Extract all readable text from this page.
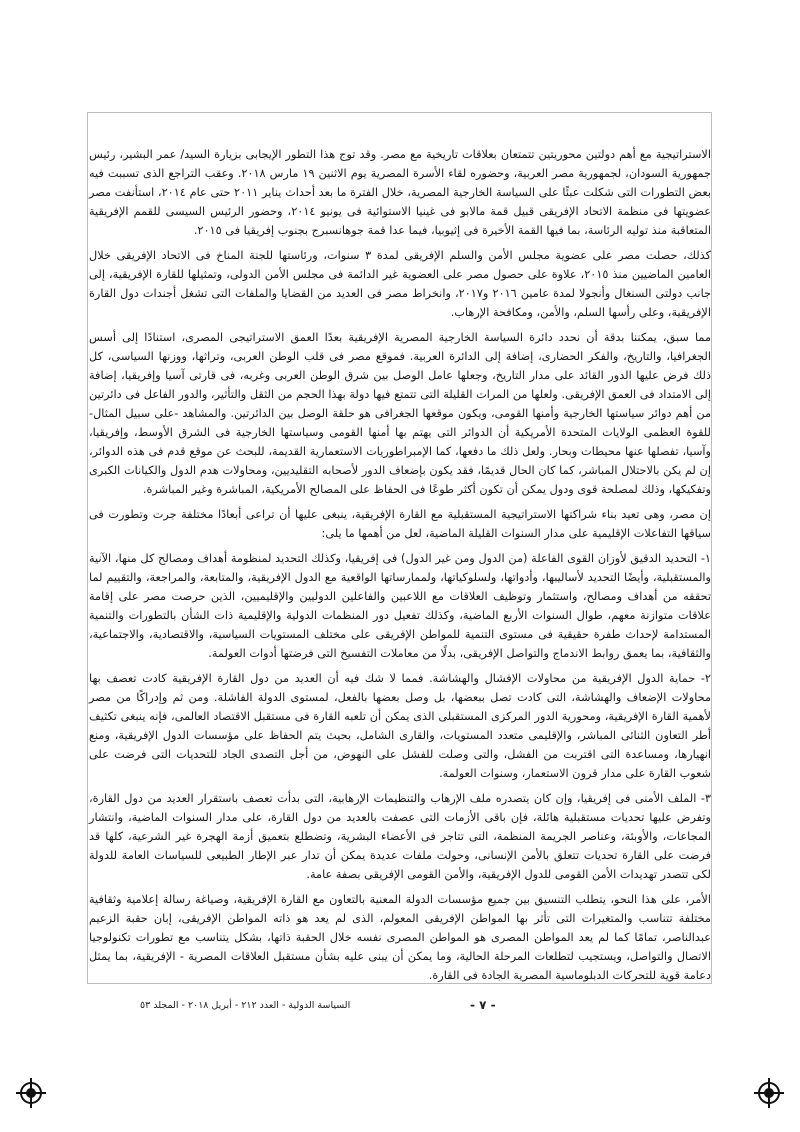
الاستراتيجية مع أهم دولتين محوريتين تتمتعان بعلاقات تاريخية مع مصر. وقد توج هذا التطور الإيجابى بزيارة السيد/ عمر البشير، رئيس جمهورية السودان، لجمهورية مصر العربية، وحضوره لقاء الأسرة المصرية يوم الاثنين ١٩ مارس ٢٠١٨. وعقب التراجع الذى تسببت فيه بعض التطورات التى شكلت عبئًا على السياسة الخارجية المصرية، خلال الفترة ما بعد أحداث يناير ٢٠١١ حتى عام ٢٠١٤، استأنفت مصر عضويتها فى منظمة الاتحاد الإفريقى قبيل قمة مالابو فى غينيا الاستوائية فى يونيو ٢٠١٤، وحضور الرئيس السيسى للقمم الإفريقية المتعاقبة منذ توليه الرئاسة، بما فيها القمة الأخيرة فى إثيوبيا، فيما عدا قمة جوهانسبرج بجنوب إفريقيا فى ٢٠١٥.

كذلك، حصلت مصر على عضوية مجلس الأمن والسلم الإفريقى لمدة ٣ سنوات، ورئاستها للجنة المناخ فى الاتحاد الإفريقى خلال العامين الماضيين منذ ٢٠١٥، علاوة على حصول مصر على العضوية غير الدائمة فى مجلس الأمن الدولى، وتمثيلها للقارة الإفريقية، إلى جانب دولتى السنغال وأنجولا لمدة عامين ٢٠١٦ و٢٠١٧، وانخراط مصر فى العديد من القضايا والملفات التى تشغل أجندات دول القارة الإفريقية، وعلى رأسها السلم، والأمن، ومكافحة الإرهاب.

مما سبق، يمكننا بدقة أن نحدد دائرة السياسة الخارجية المصرية الإفريقية بعدًا العمق الاستراتيجى المصرى، استنادًا إلى أسس الجغرافيا، والتاريخ، والفكر الحضارى، إضافة إلى الدائرة العربية. فموقع مصر فى قلب الوطن العربى، وتراثها، ووزنها السياسى، كل ذلك فرض عليها الدور القائد على مدار التاريخ، وجعلها عامل الوصل بين شرق الوطن العربى وغربه، فى قارتى آسيا وإفريقيا، إضافة إلى الامتداد فى العمق الإفريقى. ولعلها من المرات القليلة التى تتمتع فيها دولة بهذا الحجم من الثقل والتأثير، والدور الفاعل فى دائرتين من أهم دوائر سياستها الخارجية وأمنها القومى، ويكون موقعها الجغرافى هو حلقة الوصل بين الدائرتين. والمشاهد -على سبيل المثال- للقوة العظمى الولايات المتحدة الأمريكية أن الدوائر التى يهتم بها أمنها القومى وسياستها الخارجية فى الشرق الأوسط، وإفريقيا، وآسيا، تفصلها عنها محيطات وبحار. ولعل ذلك ما دفعها، كما الإمبراطوريات الاستعمارية القديمة، للبحث عن موقع قدم فى هذه الدوائر، إن لم يكن بالاحتلال المباشر، كما كان الحال قديمًا، فقد يكون بإضعاف الدور لأصحابه التقليديين، ومحاولات هدم الدول والكيانات الكبرى وتفكيكها، وذلك لمصلحة قوى ودول يمكن أن تكون أكثر طوعًا فى الحفاظ على المصالح الأمريكية، المباشرة وغير المباشرة.

إن مصر، وهى تعيد بناء شراكتها الاستراتيجية المستقبلية مع القارة الإفريقية، ينبغى عليها أن تراعى أبعادًا مختلفة جرت وتطورت فى سياقها التفاعلات الإقليمية على مدار السنوات القليلة الماضية، لعل من أهمها ما يلى:

١- التحديد الدقيق لأوزان القوى الفاعلة (من الدول ومن غير الدول) فى إفريقيا، وكذلك التحديد لمنظومة أهداف ومصالح كل منها، الآنية والمستقبلية، وأيضًا التحديد لأساليبها، وأدواتها، ولسلوكياتها، ولممارساتها الواقعية مع الدول الإفريقية، والمتابعة، والمراجعة، والتقييم لما تحققه من أهداف ومصالح، واستثمار وتوظيف العلاقات مع اللاعبين والفاعلين الدوليين والإقليميين، الذين حرصت مصر على إقامة علاقات متوازنة معهم، طوال السنوات الأربع الماضية، وكذلك تفعيل دور المنظمات الدولية والإقليمية ذات الشأن بالتطورات والتنمية المستدامة لإحداث طفرة حقيقية فى مستوى التنمية للمواطن الإفريقى على مختلف المستويات السياسية، والاقتصادية، والاجتماعية، والثقافية، بما يعمق روابط الاندماج والتواصل الإفريقى، بدلًا من معاملات التفسيخ التى فرضتها أدوات العولمة.

٢- حماية الدول الإفريقية من محاولات الإفشال والهشاشة. فمما لا شك فيه أن العديد من دول القارة الإفريقية كادت تعصف بها محاولات الإضعاف والهشاشة، التى كادت تصل ببعضها، بل وصل بعضها بالفعل، لمستوى الدولة الفاشلة. ومن ثم وإدراكًا من مصر لأهمية القارة الإفريقية، ومحورية الدور المركزى المستقبلى الذى يمكن أن تلعبه القارة فى مستقبل الاقتصاد العالمى، فإنه ينبغى تكثيف أطر التعاون الثنائى المباشر، والإقليمى متعدد المستويات، والقارى الشامل، بحيث يتم الحفاظ على مؤسسات الدول الإفريقية، ومنع انهيارها، ومساعدة التى اقتربت من الفشل، والتى وصلت للفشل على النهوض، من أجل التصدى الجاد للتحديات التى فرضت على شعوب القارة على مدار قرون الاستعمار، وسنوات العولمة.

٣- الملف الأمنى فى إفريقيا، وإن كان يتصدره ملف الإرهاب والتنظيمات الإرهابية، التى بدأت تعصف باستقرار العديد من دول القارة، وتفرض عليها تحديات مستقبلية هائلة، فإن باقى الأزمات التى عصفت بالعديد من دول القارة، على مدار السنوات الماضية، وانتشار المجاعات، والأوبئة، وعناصر الجريمة المنظمة، التى تتاجر فى الأعضاء البشرية، وتضطلع بتعميق أزمة الهجرة غير الشرعية، كلها قد فرضت على القارة تحديات تتعلق بالأمن الإنسانى، وحولت ملفات عديدة يمكن أن تدار عبر الإطار الطبيعى للسياسات العامة للدولة لكى تتصدر تهديدات الأمن القومى للدول الإفريقية، والأمن القومى الإفريقى بصفة عامة.

الأمر، على هذا النحو، يتطلب التنسيق بين جميع مؤسسات الدولة المعنية بالتعاون مع القارة الإفريقية، وصياغة رسالة إعلامية وثقافية مختلفة تتناسب والمتغيرات التى تأثر بها المواطن الإفريقى المعولم، الذى لم يعد هو ذاته المواطن الإفريقى، إبان حقبة الزعيم عبدالناصر، تمامًا كما لم يعد المواطن المصرى هو المواطن المصرى نفسه خلال الحقبة ذاتها، بشكل يتناسب مع تطورات تكنولوجيا الاتصال والتواصل، ويستجيب لتطلعات المرحلة الحالية، وما يمكن أن يبنى عليه بشأن مستقبل العلاقات المصرية - الإفريقية، بما يمثل دعامة قوية للتحركات الدبلوماسية المصرية الجادة فى القارة.

السياسة الدولية - العدد ٢١٢ - أبريل ٢٠١٨ - المجلد ٥٣	- ٧ -
